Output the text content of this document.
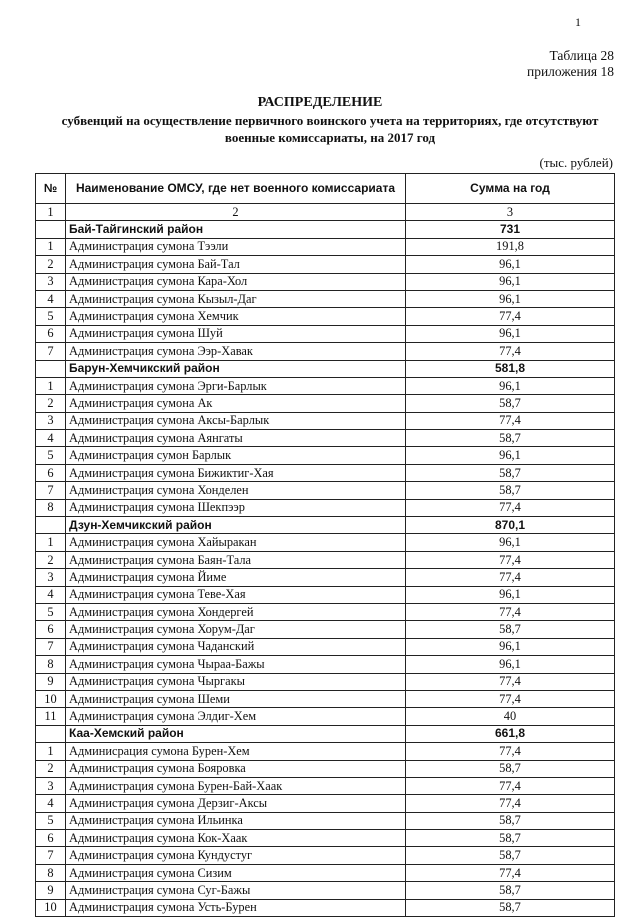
1
Таблица 28
приложения 18
РАСПРЕДЕЛЕНИЕ
субвенций на осуществление первичного воинского учета на территориях, где отсутствуют
военные комиссариаты, на 2017 год
(тыс. рублей)
№	Наименование ОМСУ, где нет военного комиссариата	Сумма на год
1	2	3
	Бай-Тайгинский район	731
1	Администрация сумона Тээли	191,8
2	Администрация сумона Бай-Тал	96,1
3	Администрация сумона Кара-Хол	96,1
4	Администрация сумона Кызыл-Даг	96,1
5	Администрация сумона Хемчик	77,4
6	Администрация сумона Шуй	96,1
7	Администрация сумона Ээр-Хавак	77,4
	Барун-Хемчикский район	581,8
1	Администрация сумона Эрги-Барлык	96,1
2	Администрация сумона Ак	58,7
3	Администрация сумона Аксы-Барлык	77,4
4	Администрация сумона Аянгаты	58,7
5	Администрация сумон Барлык	96,1
6	Администрация сумона Бижиктиг-Хая	58,7
7	Администрация сумона Хонделен	58,7
8	Администрация сумона Шекпээр	77,4
	Дзун-Хемчикский район	870,1
1	Администрация сумона Хайыракан	96,1
2	Администрация сумона Баян-Тала	77,4
3	Администрация сумона Йиме	77,4
4	Администрация сумона Теве-Хая	96,1
5	Администрация сумона Хондергей	77,4
6	Администрация сумона Хорум-Даг	58,7
7	Администрация сумона Чаданский	96,1
8	Администрация сумона Чыраа-Бажы	96,1
9	Администрация сумона Чыргакы	77,4
10	Администрация сумона Шеми	77,4
11	Администрация сумона Элдиг-Хем	40
	Каа-Хемский район	661,8
1	Админисрация сумона Бурен-Хем	77,4
2	Администрация сумона Бояровка	58,7
3	Администрация сумона Бурен-Бай-Хаак	77,4
4	Администрация сумона Дерзиг-Аксы	77,4
5	Администрация сумона Ильинка	58,7
6	Администрация сумона Кок-Хаак	58,7
7	Администрация сумона Кундустуг	58,7
8	Администрация сумона Сизим	77,4
9	Администрация сумона Суг-Бажы	58,7
10	Администрация сумона Усть-Бурен	58,7
